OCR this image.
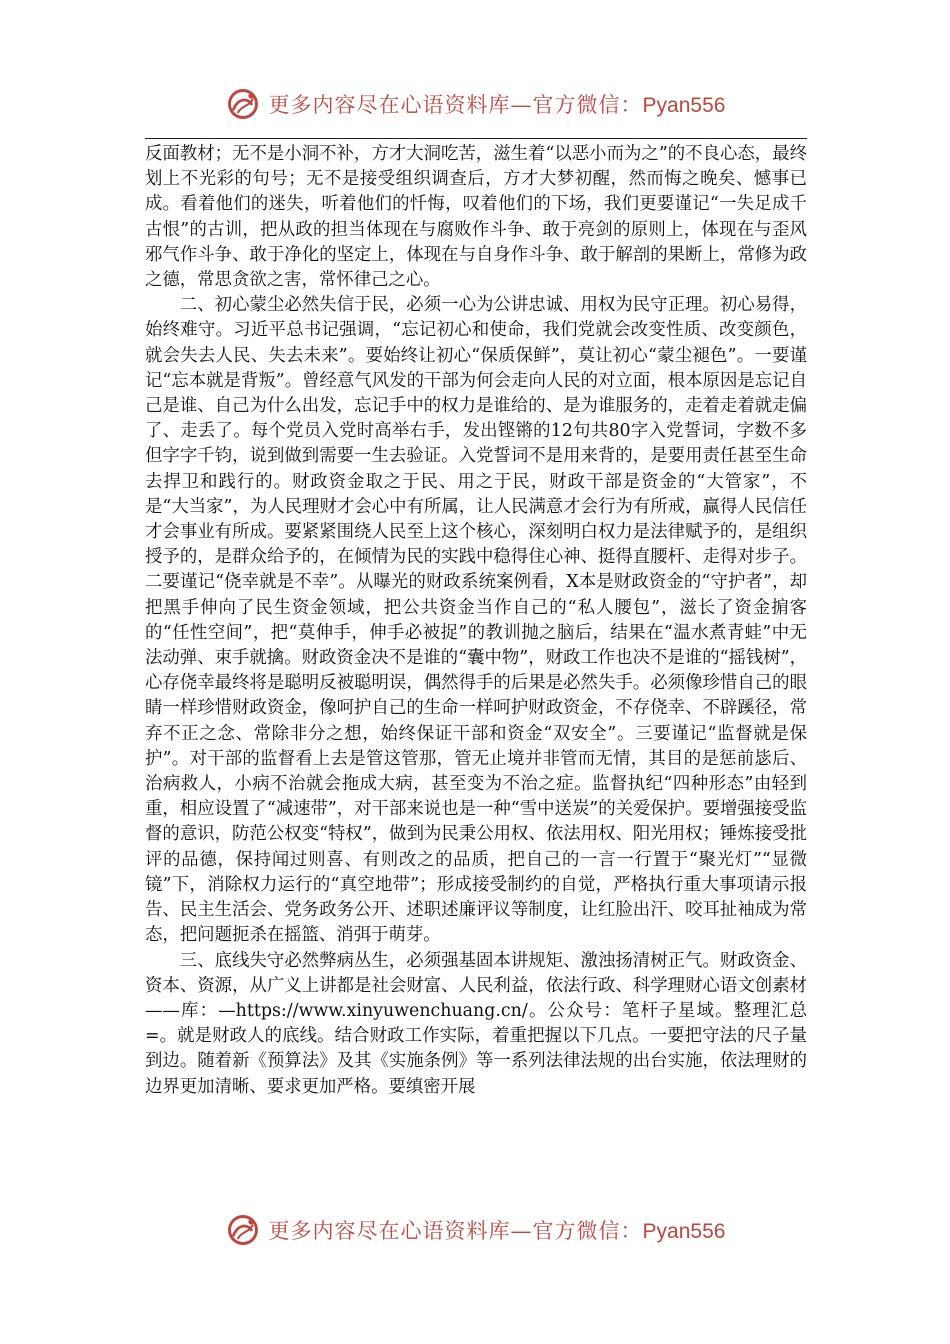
更多内容尽在心语资料库—官方微信：Pyan556

反面教材；无不是小洞不补，方才大洞吃苦，滋生着“以恶小而为之”的不良心态，最终划上不光彩的句号；无不是接受组织调查后，方才大梦初醒，然而悔之晚矣、憾事已成。看着他们的迷失，听着他们的忏悔，叹着他们的下场，我们更要谨记“一失足成千古恨”的古训，把从政的担当体现在与腐败作斗争、敢于亮剑的原则上，体现在与歪风邪气作斗争、敢于净化的坚定上，体现在与自身作斗争、敢于解剖的果断上，常修为政之德，常思贪欲之害，常怀律己之心。

二、初心蒙尘必然失信于民，必须一心为公讲忠诚、用权为民守正理。初心易得，始终难守。习近平总书记强调，“忘记初心和使命，我们党就会改变性质、改变颜色，就会失去人民、失去未来”。要始终让初心“保质保鲜”，莫让初心“蒙尘褪色”。一要谨记“忘本就是背叛”。曾经意气风发的干部为何会走向人民的对立面，根本原因是忘记自己是谁、自己为什么出发，忘记手中的权力是谁给的、是为谁服务的，走着走着就走偏了、走丢了。每个党员入党时高举右手，发出铿锵的12句共80字入党誓词，字数不多但字字千钧，说到做到需要一生去验证。入党誓词不是用来背的，是要用责任甚至生命去捍卫和践行的。财政资金取之于民、用之于民，财政干部是资金的“大管家”，不是“大当家”，为人民理财才会心中有所属，让人民满意才会行为有所戒，赢得人民信任才会事业有所成。要紧紧围绕人民至上这个核心，深刻明白权力是法律赋予的，是组织授予的，是群众给予的，在倾情为民的实践中稳得住心神、挺得直腰杆、走得对步子。二要谨记“侥幸就是不幸”。从曝光的财政系统案例看，X本是财政资金的“守护者”，却把黑手伸向了民生资金领域，把公共资金当作自己的“私人腰包”，滋长了资金掮客的“任性空间”，把“莫伸手，伸手必被捉”的教训抛之脑后，结果在“温水煮青蛙”中无法动弹、束手就擒。财政资金决不是谁的“囊中物”，财政工作也决不是谁的“摇钱树”，心存侥幸最终将是聪明反被聪明误，偶然得手的后果是必然失手。必须像珍惜自己的眼睛一样珍惜财政资金，像呵护自己的生命一样呵护财政资金，不存侥幸、不辟蹊径，常弃不正之念、常除非分之想，始终保证干部和资金“双安全”。三要谨记“监督就是保护”。对干部的监督看上去是管这管那，管无止境并非管而无情，其目的是惩前毖后、治病救人，小病不治就会拖成大病，甚至变为不治之症。监督执纪“四种形态”由轻到重，相应设置了“减速带”，对干部来说也是一种“雪中送炭”的关爱保护。要增强接受监督的意识，防范公权变“特权”，做到为民秉公用权、依法用权、阳光用权；锤炼接受批评的品德，保持闻过则喜、有则改之的品质，把自己的一言一行置于“聚光灯”“显微镜”下，消除权力运行的“真空地带”；形成接受制约的自觉，严格执行重大事项请示报告、民主生活会、党务政务公开、述职述廉评议等制度，让红脸出汗、咬耳扯袖成为常态，把问题扼杀在摇篮、消弭于萌芽。

三、底线失守必然弊病丛生，必须强基固本讲规矩、激浊扬清树正气。财政资金、资本、资源，从广义上讲都是社会财富、人民利益，依法行政、科学理财心语文创素材——库：—https://www.xinyuwenchuang.cn/。公众号：笔杆子星域。整理汇总=。就是财政人的底线。结合财政工作实际，着重把握以下几点。一要把守法的尺子量到边。随着新《预算法》及其《实施条例》等一系列法律法规的出台实施，依法理财的边界更加清晰、要求更加严格。要缜密开展

更多内容尽在心语资料库—官方微信：Pyan556
